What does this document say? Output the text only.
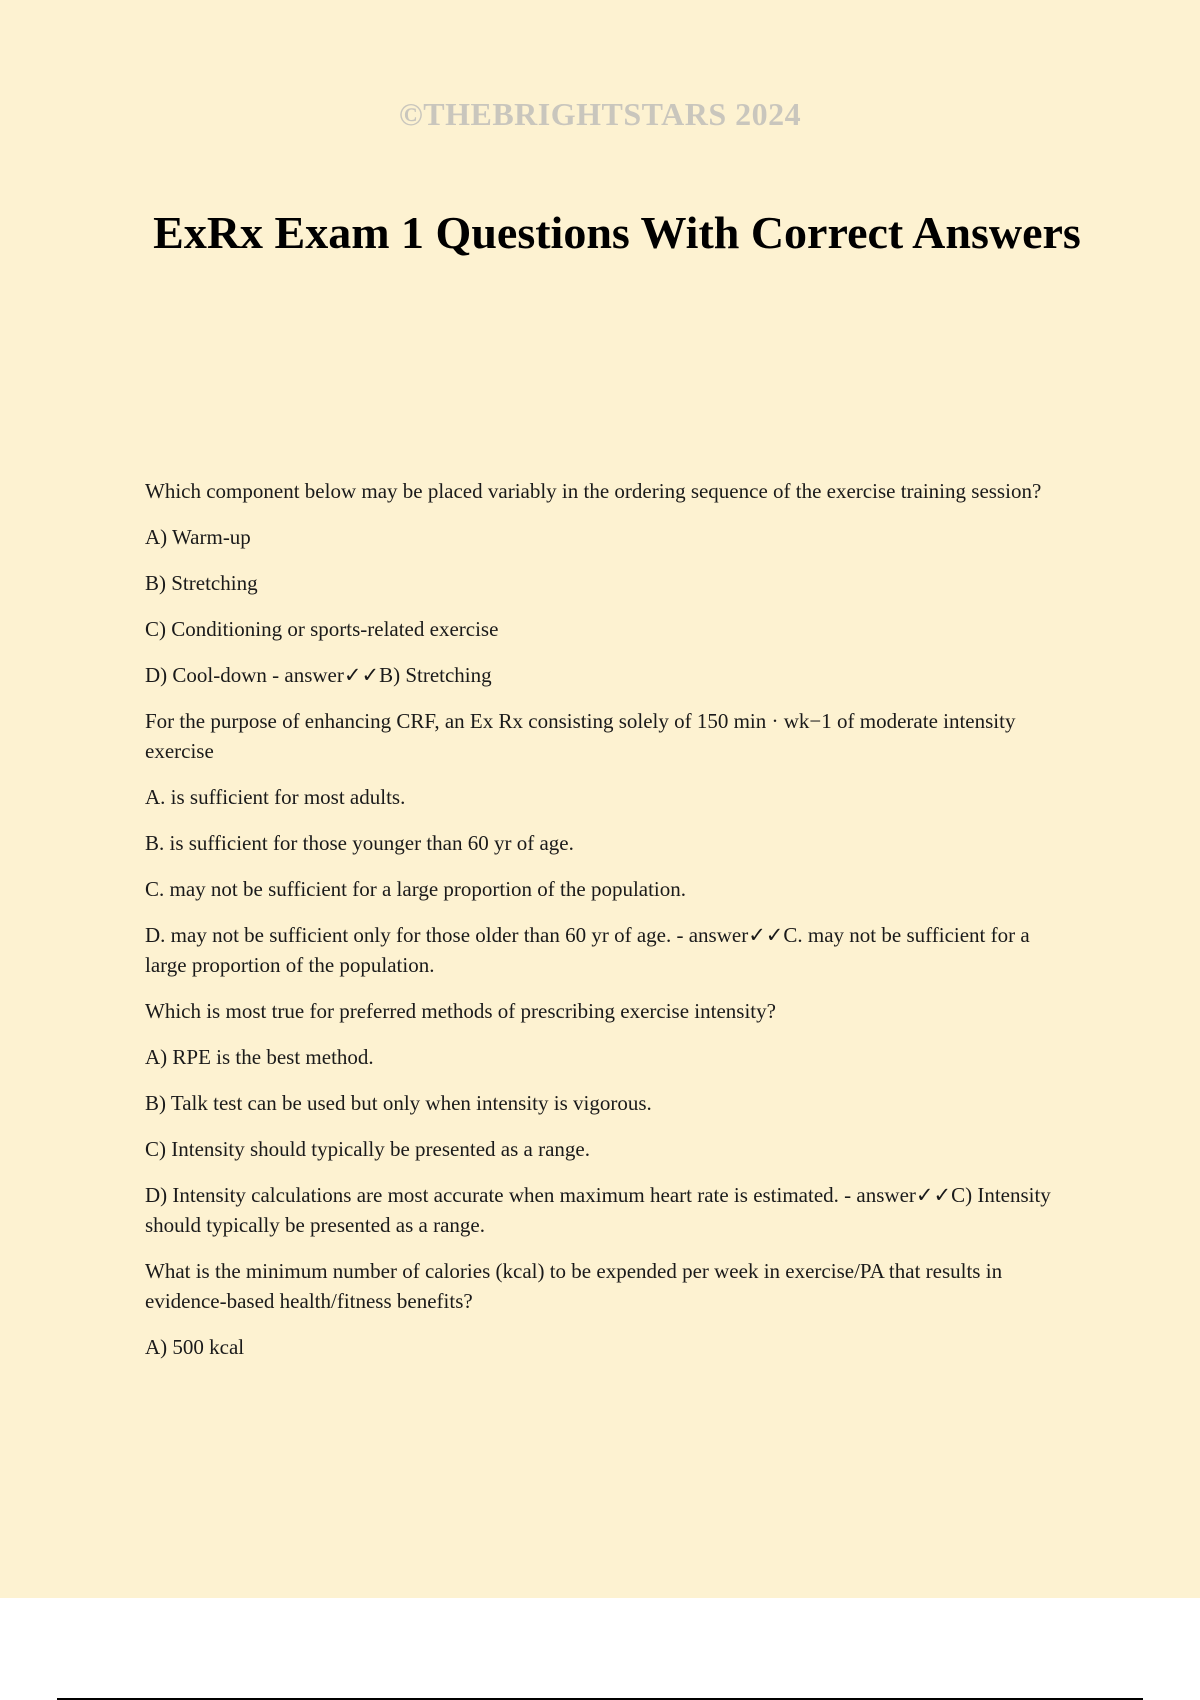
©THEBRIGHTSTARS 2024
ExRx Exam 1 Questions With Correct Answers

Which component below may be placed variably in the ordering sequence of the exercise training session?

A) Warm-up

B) Stretching

C) Conditioning or sports-related exercise

D) Cool-down - answer✓✓B) Stretching

For the purpose of enhancing CRF, an Ex Rx consisting solely of 150 min · wk−1 of moderate intensity exercise

A. is sufficient for most adults.

B. is sufficient for those younger than 60 yr of age.

C. may not be sufficient for a large proportion of the population.

D. may not be sufficient only for those older than 60 yr of age. - answer✓✓C. may not be sufficient for a large proportion of the population.

Which is most true for preferred methods of prescribing exercise intensity?

A) RPE is the best method.

B) Talk test can be used but only when intensity is vigorous.

C) Intensity should typically be presented as a range.

D) Intensity calculations are most accurate when maximum heart rate is estimated. - answer✓✓C) Intensity should typically be presented as a range.

What is the minimum number of calories (kcal) to be expended per week in exercise/PA that results in evidence-based health/fitness benefits?

A) 500 kcal
